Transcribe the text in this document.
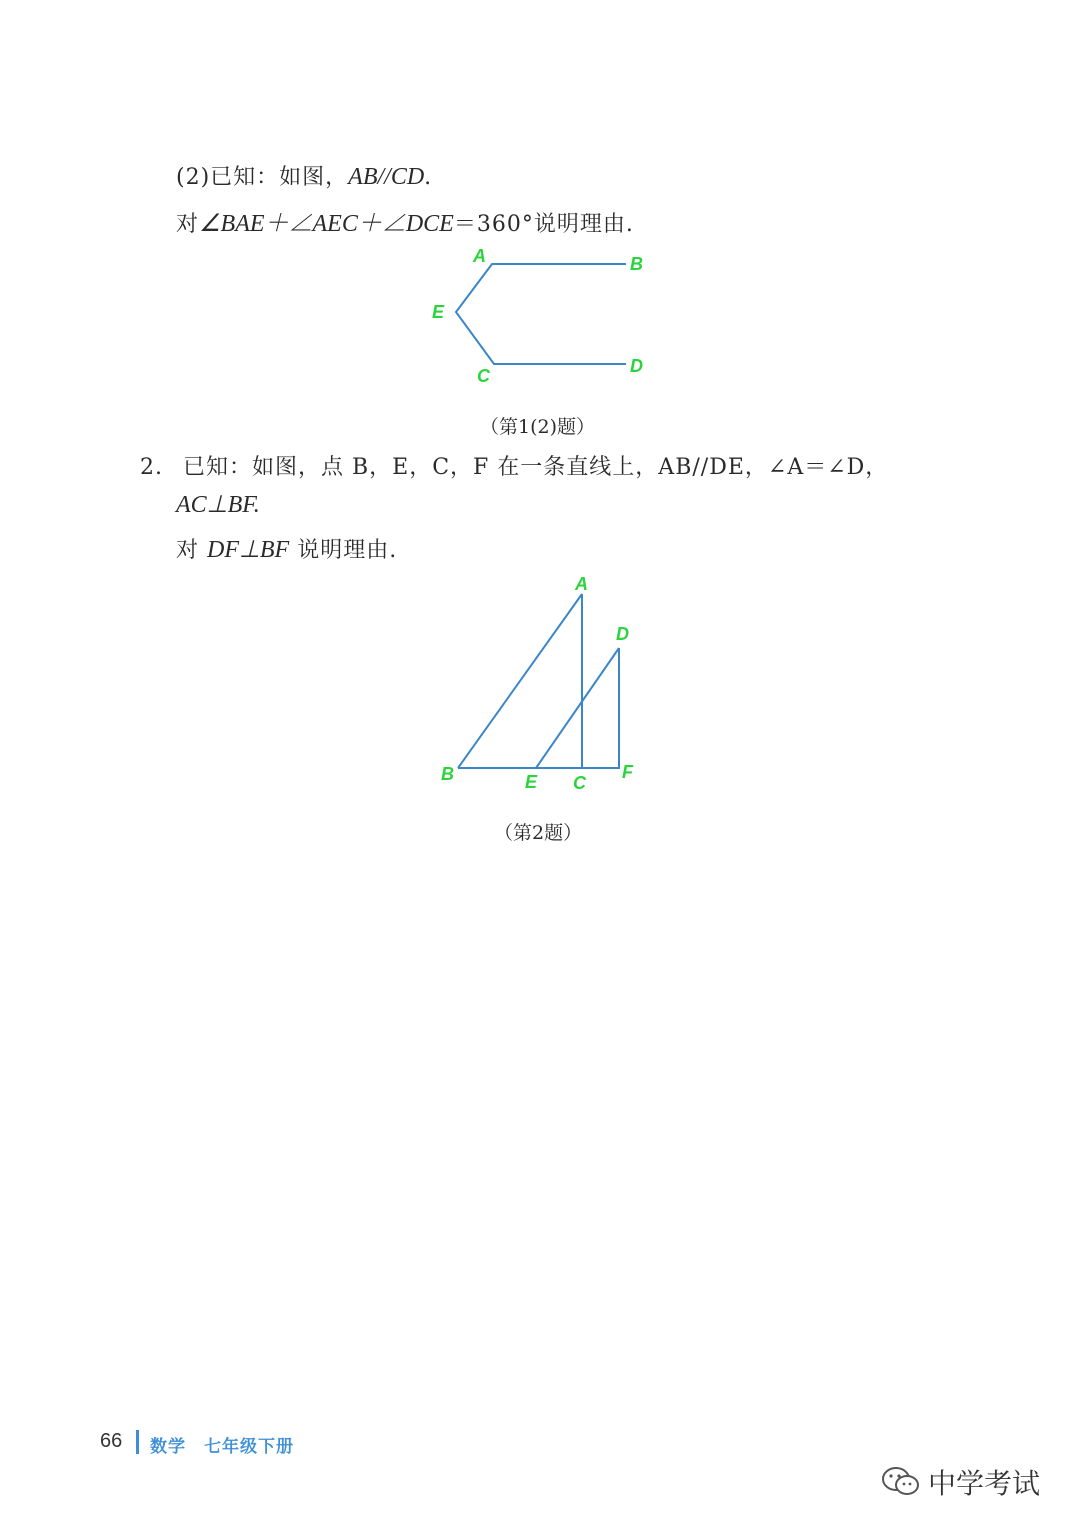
(2)已知：如图，AB//CD.
对∠BAE＋∠AEC＋∠DCE＝360°说明理由.
A	B
E
C	D
（第1(2)题）
2. 已知：如图，点 B，E，C，F 在一条直线上，AB//DE，∠A＝∠D，
AC⊥BF.
对 DF⊥BF 说明理由.
A
D
B	E C
F
（第2题）
66 数学　七年级下册
中学考试
